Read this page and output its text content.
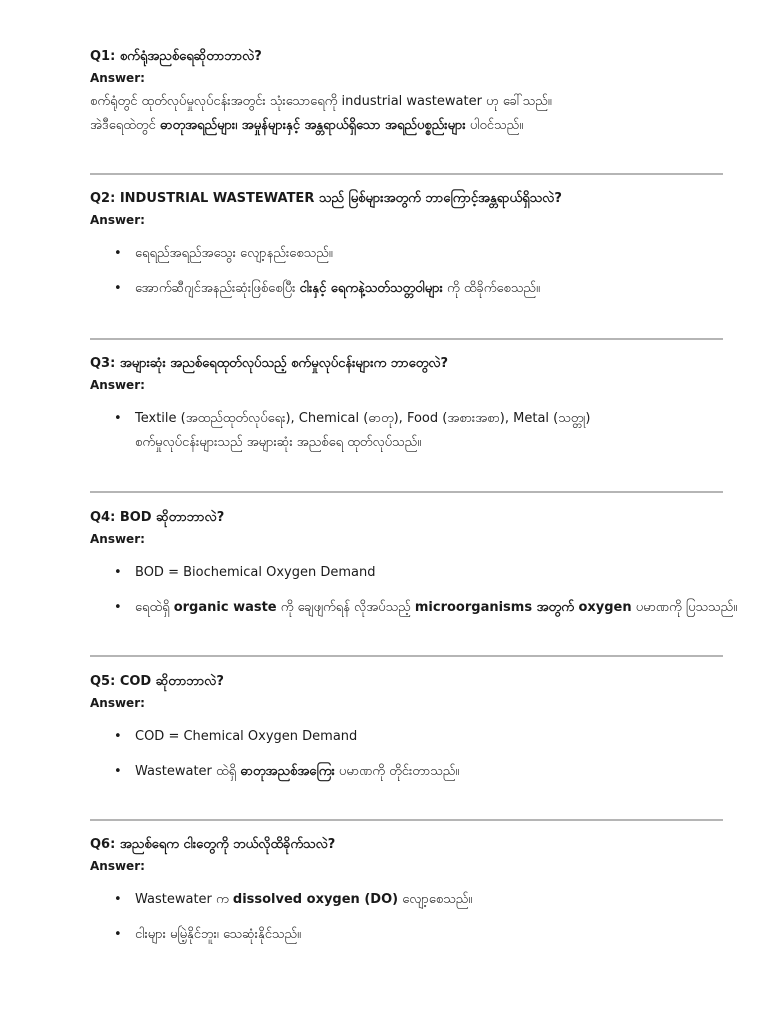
Q1: စက်ရုံအညစ်ရေဆိုတာဘာလဲ?

Answer:

စက်ရုံတွင် ထုတ်လုပ်မှုလုပ်ငန်းအတွင်း သုံးသောရေကို industrial wastewater ဟု ခေါ်သည်။

အဲဒီရေထဲတွင် ဓာတုအရည်များ၊ အမှုန်များနှင့် အန္တရာယ်ရှိသော အရည်ပစ္စည်းများ ပါဝင်သည်။

Q2: INDUSTRIAL WASTEWATER သည် မြစ်များအတွက် ဘာကြောင့်အန္တရာယ်ရှိသလဲ?

Answer:

• ရေရည်အရည်အသွေး လျော့နည်းစေသည်။
• အောက်ဆီဂျင်အနည်းဆုံးဖြစ်စေပြီး ငါးနှင့် ရေကနဲ့သတ်သတ္တဝါများ ကို ထိခိုက်စေသည်။

Q3: အများဆုံး အညစ်ရေထုတ်လုပ်သည့် စက်မှုလုပ်ငန်းများက ဘာတွေလဲ?

Answer:

• Textile (အထည်ထုတ်လုပ်ရေး), Chemical (ဓာတု), Food (အစားအစာ), Metal (သတ္တု)
စက်မှုလုပ်ငန်းများသည် အများဆုံး အညစ်ရေ ထုတ်လုပ်သည်။

Q4: BOD ဆိုတာဘာလဲ?

Answer:

• BOD = Biochemical Oxygen Demand
• ရေထဲရှိ organic waste ကို ချေဖျက်ရန် လိုအပ်သည့် microorganisms အတွက် oxygen ပမာဏကို ပြသသည်။

Q5: COD ဆိုတာဘာလဲ?

Answer:

• COD = Chemical Oxygen Demand
• Wastewater ထဲရှိ ဓာတုအညစ်အကြေး ပမာဏကို တိုင်းတာသည်။

Q6: အညစ်ရေက ငါးတွေကို ဘယ်လိုထိခိုက်သလဲ?

Answer:

• Wastewater က dissolved oxygen (DO) လျော့စေသည်။
• ငါးများ မမြဲ့နိုင်ဘူး၊ သေဆုံးနိုင်သည်။
